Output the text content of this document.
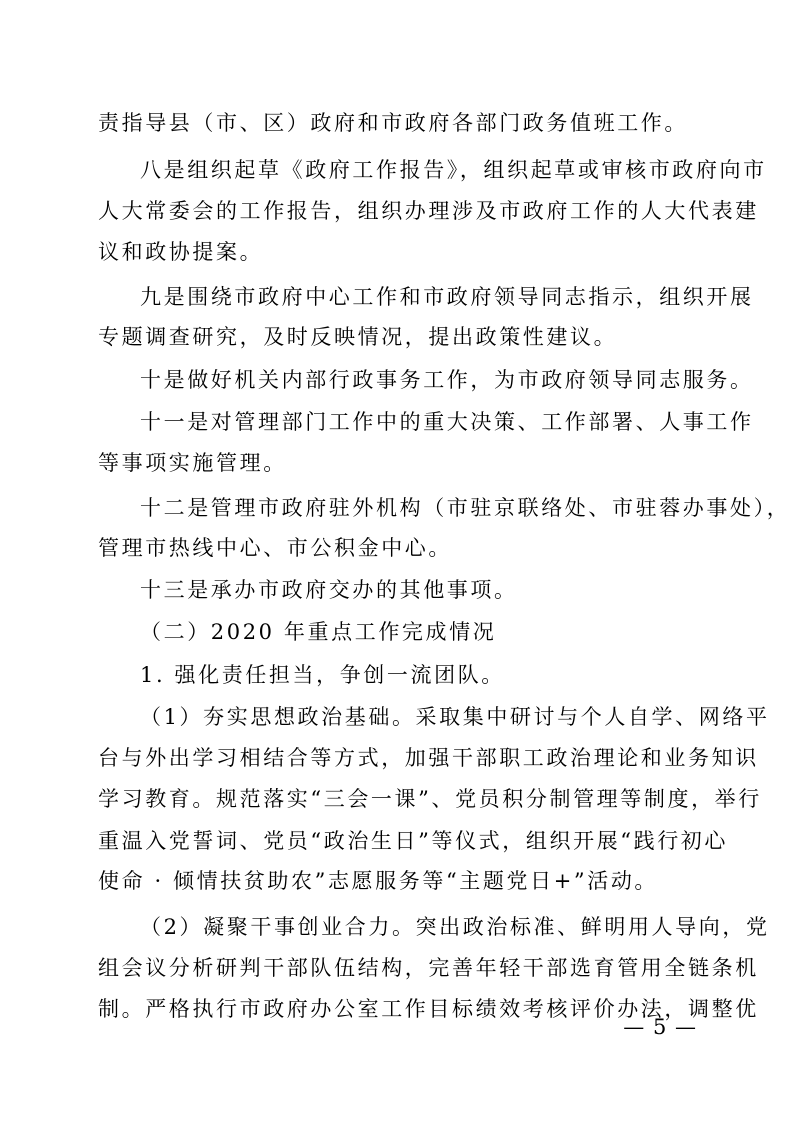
责指导县（市、区）政府和市政府各部门政务值班工作。
八是组织起草《政府工作报告》，组织起草或审核市政府向市
人大常委会的工作报告，组织办理涉及市政府工作的人大代表建
议和政协提案。
九是围绕市政府中心工作和市政府领导同志指示，组织开展
专题调查研究，及时反映情况，提出政策性建议。
十是做好机关内部行政事务工作，为市政府领导同志服务。
十一是对管理部门工作中的重大决策、工作部署、人事工作
等事项实施管理。
十二是管理市政府驻外机构（市驻京联络处、市驻蓉办事处），
管理市热线中心、市公积金中心。
十三是承办市政府交办的其他事项。
（二）2020 年重点工作完成情况
1. 强化责任担当，争创一流团队。
（1）夯实思想政治基础。采取集中研讨与个人自学、网络平
台与外出学习相结合等方式，加强干部职工政治理论和业务知识
学习教育。规范落实“三会一课”、党员积分制管理等制度，举行
重温入党誓词、党员“政治生日”等仪式，组织开展“践行初心
使命 · 倾情扶贫助农”志愿服务等“主题党日+”活动。
（2）凝聚干事创业合力。突出政治标准、鲜明用人导向，党
组会议分析研判干部队伍结构，完善年轻干部选育管用全链条机
制。严格执行市政府办公室工作目标绩效考核评价办法，调整优
— 5 —
